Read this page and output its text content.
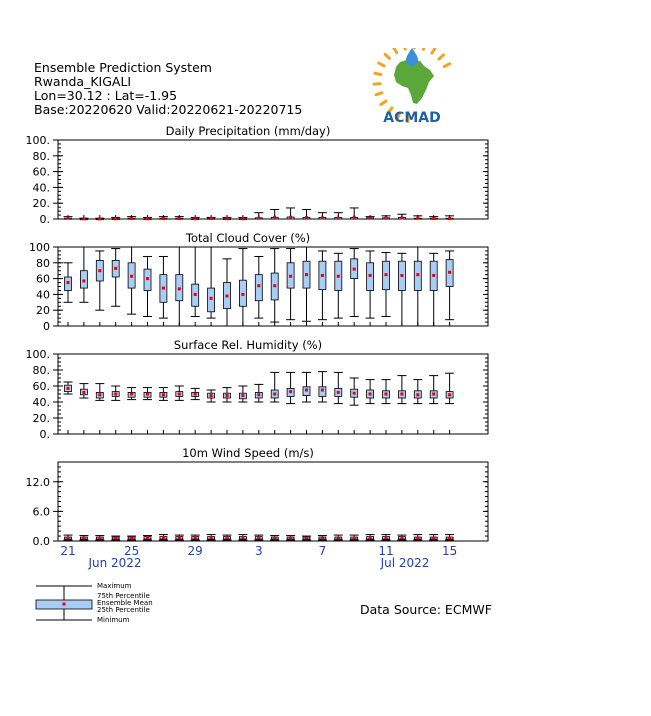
Ensemble Prediction System
Rwanda_KIGALI
Lon=30.12 : Lat=-1.95
Base:20220620 Valid:20220621-20220715
ACMAD
0.
20.
40.
60.
80.
100.
Daily Precipitation (mm/day)
0
20
40
60
80
100
Total Cloud Cover (%)
0.
20.
40.
60.
80.
100.
Surface Rel. Humidity (%)
0.0
6.0
12.0
10m Wind Speed (m/s)
21	25	29	3	7	11	15
Jun 2022	Jul 2022
Maximum
75th Percentile
Ensemble Mean
25th Percentile
Minimum
Data Source: ECMWF
